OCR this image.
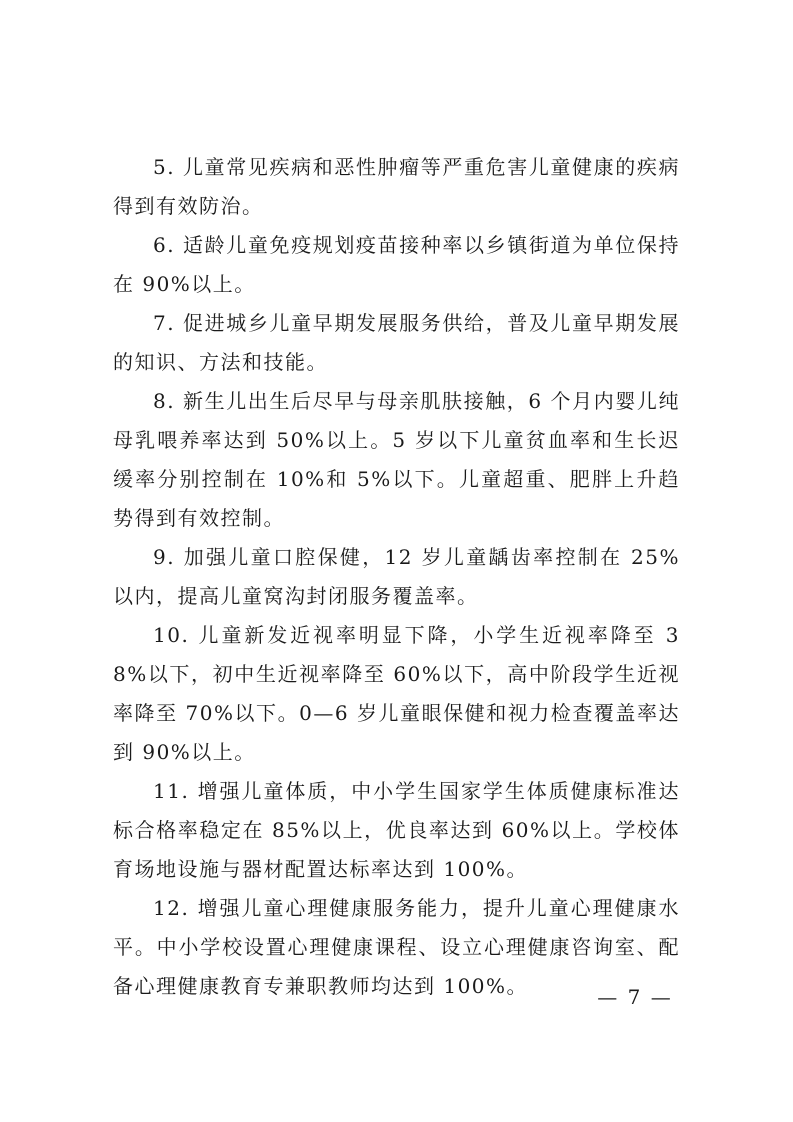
5. 儿童常见疾病和恶性肿瘤等严重危害儿童健康的疾病得到有效防治。

6. 适龄儿童免疫规划疫苗接种率以乡镇街道为单位保持在 90%以上。

7. 促进城乡儿童早期发展服务供给，普及儿童早期发展的知识、方法和技能。

8. 新生儿出生后尽早与母亲肌肤接触，6 个月内婴儿纯母乳喂养率达到 50%以上。5 岁以下儿童贫血率和生长迟缓率分别控制在 10%和 5%以下。儿童超重、肥胖上升趋势得到有效控制。

9. 加强儿童口腔保健，12 岁儿童龋齿率控制在 25%以内，提高儿童窝沟封闭服务覆盖率。

10. 儿童新发近视率明显下降，小学生近视率降至 38%以下，初中生近视率降至 60%以下，高中阶段学生近视率降至 70%以下。0—6 岁儿童眼保健和视力检查覆盖率达到 90%以上。

11. 增强儿童体质，中小学生国家学生体质健康标准达标合格率稳定在 85%以上，优良率达到 60%以上。学校体育场地设施与器材配置达标率达到 100%。

12. 增强儿童心理健康服务能力，提升儿童心理健康水平。中小学校设置心理健康课程、设立心理健康咨询室、配备心理健康教育专兼职教师均达到 100%。	— 7 —
